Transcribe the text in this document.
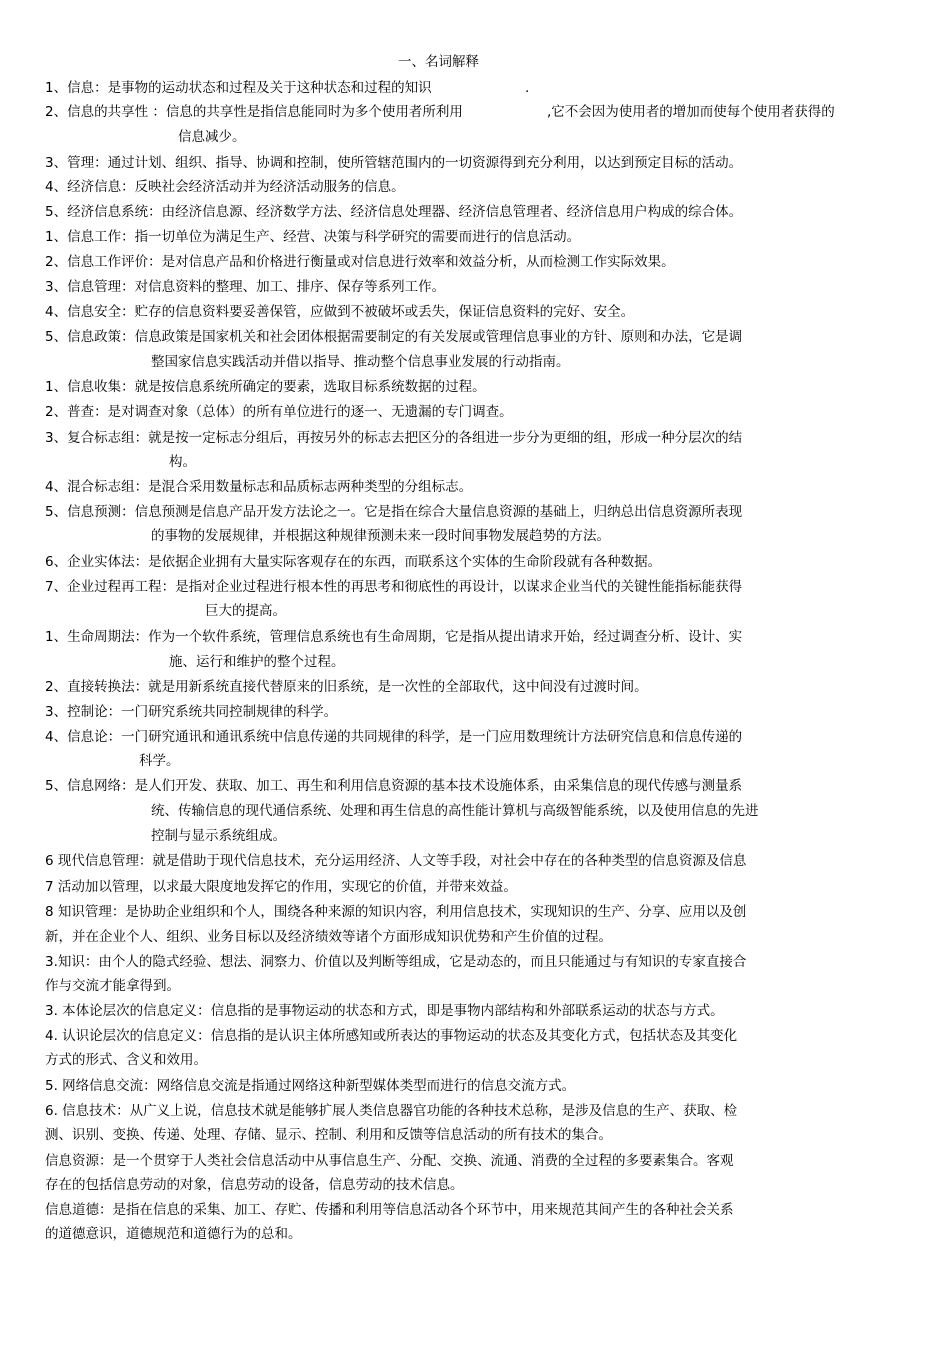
一、名词解释
1、信息：是事物的运动状态和过程及关于这种状态和过程的知识	.
2、信息的共享性 ：信息的共享性是指信息能同时为多个使用者所利用	,它不会因为使用者的增加而使每个使用者获得的
信息减少。
3、管理：通过计划、组织、指导、协调和控制，使所管辖范围内的一切资源得到充分利用，以达到预定目标的活动。
4、经济信息：反映社会经济活动并为经济活动服务的信息。
5、经济信息系统：由经济信息源、经济数学方法、经济信息处理器、经济信息管理者、经济信息用户构成的综合体。
1、信息工作：指一切单位为满足生产、经营、决策与科学研究的需要而进行的信息活动。
2、信息工作评价：是对信息产品和价格进行衡量或对信息进行效率和效益分析，从而检测工作实际效果。
3、信息管理：对信息资料的整理、加工、排序、保存等系列工作。
4、信息安全：贮存的信息资料要妥善保管，应做到不被破坏或丢失，保证信息资料的完好、安全。
5、信息政策：信息政策是国家机关和社会团体根据需要制定的有关发展或管理信息事业的方针、原则和办法，它是调
整国家信息实践活动并借以指导、推动整个信息事业发展的行动指南。
1、信息收集：就是按信息系统所确定的要素，选取目标系统数据的过程。
2、普查：是对调查对象（总体）的所有单位进行的逐一、无遗漏的专门调查。
3、复合标志组：就是按一定标志分组后，再按另外的标志去把区分的各组进一步分为更细的组，形成一种分层次的结
构。
4、混合标志组：是混合采用数量标志和品质标志两种类型的分组标志。
5、信息预测：信息预测是信息产品开发方法论之一。它是指在综合大量信息资源的基础上，归纳总出信息资源所表现
的事物的发展规律，并根据这种规律预测未来一段时间事物发展趋势的方法。
6、企业实体法：是依据企业拥有大量实际客观存在的东西，而联系这个实体的生命阶段就有各种数据。
7、企业过程再工程：是指对企业过程进行根本性的再思考和彻底性的再设计，以谋求企业当代的关键性能指标能获得
巨大的提高。
1、生命周期法：作为一个软件系统，管理信息系统也有生命周期，它是指从提出请求开始，经过调查分析、设计、实
施、运行和维护的整个过程。
2、直接转换法：就是用新系统直接代替原来的旧系统，是一次性的全部取代，这中间没有过渡时间。
3、控制论：一门研究系统共同控制规律的科学。
4、信息论：一门研究通讯和通讯系统中信息传递的共同规律的科学，是一门应用数理统计方法研究信息和信息传递的
科学。
5、信息网络：是人们开发、获取、加工、再生和利用信息资源的基本技术设施体系，由采集信息的现代传感与测量系
统、传输信息的现代通信系统、处理和再生信息的高性能计算机与高级智能系统，以及使用信息的先进
控制与显示系统组成。
6 现代信息管理：就是借助于现代信息技术，充分运用经济、人文等手段，对社会中存在的各种类型的信息资源及信息
7 活动加以管理，以求最大限度地发挥它的作用，实现它的价值，并带来效益。
8 知识管理：是协助企业组织和个人，围绕各种来源的知识内容，利用信息技术，实现知识的生产、分享、应用以及创
新，并在企业个人、组织、业务目标以及经济绩效等诸个方面形成知识优势和产生价值的过程。
3.知识：由个人的隐式经验、想法、洞察力、价值以及判断等组成，它是动态的，而且只能通过与有知识的专家直接合
作与交流才能拿得到。
3. 本体论层次的信息定义：信息指的是事物运动的状态和方式，即是事物内部结构和外部联系运动的状态与方式。
4. 认识论层次的信息定义：信息指的是认识主体所感知或所表达的事物运动的状态及其变化方式，包括状态及其变化
方式的形式、含义和效用。
5. 网络信息交流：网络信息交流是指通过网络这种新型媒体类型而进行的信息交流方式。
6. 信息技术：从广义上说，信息技术就是能够扩展人类信息器官功能的各种技术总称，是涉及信息的生产、获取、检
测、识别、变换、传递、处理、存储、显示、控制、利用和反馈等信息活动的所有技术的集合。
信息资源：是一个贯穿于人类社会信息活动中从事信息生产、分配、交换、流通、消费的全过程的多要素集合。客观
存在的包括信息劳动的对象，信息劳动的设备，信息劳动的技术信息。
信息道德：是指在信息的采集、加工、存贮、传播和利用等信息活动各个环节中，用来规范其间产生的各种社会关系
的道德意识，道德规范和道德行为的总和。
